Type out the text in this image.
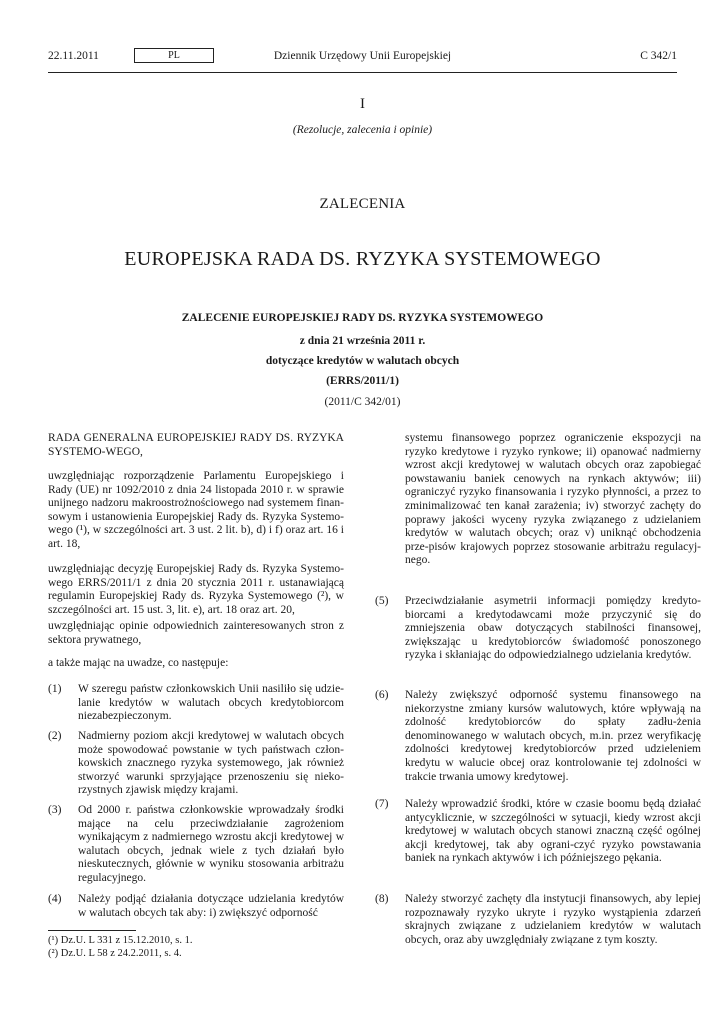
22.11.2011	PL	Dziennik Urzędowy Unii Europejskiej	C 342/1
I
(Rezolucje, zalecenia i opinie)
ZALECENIA
EUROPEJSKA RADA DS. RYZYKA SYSTEMOWEGO
ZALECENIE EUROPEJSKIEJ RADY DS. RYZYKA SYSTEMOWEGO
z dnia 21 września 2011 r.
dotyczące kredytów w walutach obcych
(ERRS/2011/1)
(2011/C 342/01)
RADA GENERALNA EUROPEJSKIEJ RADY DS. RYZYKA SYSTEMO-WEGO,
uwzględniając rozporządzenie Parlamentu Europejskiego i Rady (UE) nr 1092/2010 z dnia 24 listopada 2010 r. w sprawie unijnego nadzoru makroostrożnościowego nad systemem finan-sowym i ustanowienia Europejskiej Rady ds. Ryzyka Systemo-wego (¹), w szczególności art. 3 ust. 2 lit. b), d) i f) oraz art. 16 i art. 18,
uwzględniając decyzję Europejskiej Rady ds. Ryzyka Systemo-wego ERRS/2011/1 z dnia 20 stycznia 2011 r. ustanawiającą regulamin Europejskiej Rady ds. Ryzyka Systemowego (²), w szczególności art. 15 ust. 3, lit. e), art. 18 oraz art. 20,
uwzględniając opinie odpowiednich zainteresowanych stron z sektora prywatnego,
a także mając na uwadze, co następuje:
(1) W szeregu państw członkowskich Unii nasiliło się udzie-lanie kredytów w walutach obcych kredytobiorcom niezabezpieczonym.
(2) Nadmierny poziom akcji kredytowej w walutach obcych może spowodować powstanie w tych państwach człon-kowskich znacznego ryzyka systemowego, jak również stworzyć warunki sprzyjające przenoszeniu się nieko-rzystnych zjawisk między krajami.
(3) Od 2000 r. państwa członkowskie wprowadzały środki mające na celu przeciwdziałanie zagrożeniom wynikającym z nadmiernego wzrostu akcji kredytowej w walutach obcych, jednak wiele z tych działań było nieskutecznych, głównie w wyniku stosowania arbitrażu regulacyjnego.
(4) Należy podjąć działania dotyczące udzielania kredytów w walutach obcych tak aby: i) zwiększyć odporność
(¹) Dz.U. L 331 z 15.12.2010, s. 1.
(²) Dz.U. L 58 z 24.2.2011, s. 4.
systemu finansowego poprzez ograniczenie ekspozycji na ryzyko kredytowe i ryzyko rynkowe; ii) opanować nadmierny wzrost akcji kredytowej w walutach obcych oraz zapobiegać powstawaniu baniek cenowych na rynkach aktywów; iii) ograniczyć ryzyko finansowania i ryzyko płynności, a przez to zminimalizować ten kanał zarażenia; iv) stworzyć zachęty do poprawy jakości wyceny ryzyka związanego z udzielaniem kredytów w walutach obcych; oraz v) uniknąć obchodzenia prze-pisów krajowych poprzez stosowanie arbitrażu regulacyj-nego.
(5) Przeciwdziałanie asymetrii informacji pomiędzy kredyto-biorcami a kredytodawcami może przyczynić się do zmniejszenia obaw dotyczących stabilności finansowej, zwiększając u kredytobiorców świadomość ponoszonego ryzyka i skłaniając do odpowiedzialnego udzielania kredytów.
(6) Należy zwiększyć odporność systemu finansowego na niekorzystne zmiany kursów walutowych, które wpływają na zdolność kredytobiorców do spłaty zadłu-żenia denominowanego w walutach obcych, m.in. przez weryfikację zdolności kredytowej kredytobiorców przed udzieleniem kredytu w walucie obcej oraz kontrolowanie tej zdolności w trakcie trwania umowy kredytowej.
(7) Należy wprowadzić środki, które w czasie boomu będą działać antycyklicznie, w szczególności w sytuacji, kiedy wzrost akcji kredytowej w walutach obcych stanowi znaczną część ogólnej akcji kredytowej, tak aby ograni-czyć ryzyko powstawania baniek na rynkach aktywów i ich późniejszego pękania.
(8) Należy stworzyć zachęty dla instytucji finansowych, aby lepiej rozpoznawały ryzyko ukryte i ryzyko wystąpienia zdarzeń skrajnych związane z udzielaniem kredytów w walutach obcych, oraz aby uwzględniały związane z tym koszty.
